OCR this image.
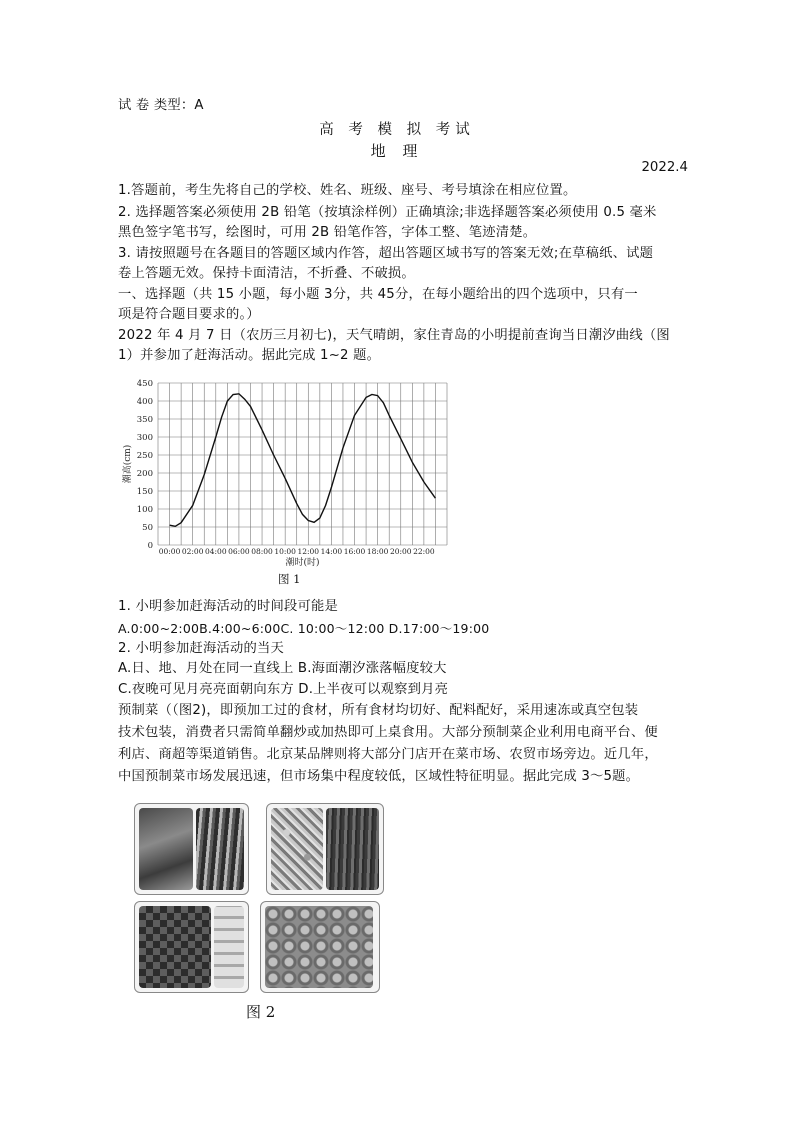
试 卷 类型：A
高 考 模 拟 考试
地 理
2022.4
1.答题前，考生先将自己的学校、姓名、班级、座号、考号填涂在相应位置。
2. 选择题答案必须使用 2B 铅笔（按填涂样例）正确填涂;非选择题答案必须使用 0.5 毫米
黑色签字笔书写，绘图时，可用 2B 铅笔作答，字体工整、笔迹清楚。
3. 请按照题号在各题目的答题区域内作答，超出答题区域书写的答案无效;在草稿纸、试题
卷上答题无效。保持卡面清洁，不折叠、不破损。
一、选择题（共 15 小题，每小题 3分，共 45分，在每小题给出的四个选项中，只有一
项是符合题目要求的。）
2022 年 4 月 7 日（农历三月初七)，天气晴朗，家住青岛的小明提前查询当日潮汐曲线（图
1）并参加了赶海活动。据此完成 1~2 题。
0
50
100
150
200
250
300
350
400
450
00:00 02:00 04:00 06:00 08:00 10:00 12:00 14:00 16:00 18:00 20:00 22:00
潮高(cm)
潮时(时)
图 1
1. 小明参加赶海活动的时间段可能是
A.0:00~2:00B.4:00~6:00C. 10:00～12:00 D.17:00～19:00
2. 小明参加赶海活动的当天
A.日、地、月处在同一直线上 B.海面潮汐涨落幅度较大
C.夜晚可见月亮亮面朝向东方 D.上半夜可以观察到月亮
预制菜（（图2)，即预加工过的食材，所有食材均切好、配料配好，采用速冻或真空包装
技术包装，消费者只需简单翻炒或加热即可上桌食用。大部分预制菜企业利用电商平台、便
利店、商超等渠道销售。北京某品牌则将大部分门店开在菜市场、农贸市场旁边。近几年，
中国预制菜市场发展迅速，但市场集中程度较低，区域性特征明显。据此完成 3～5题。
图 2
